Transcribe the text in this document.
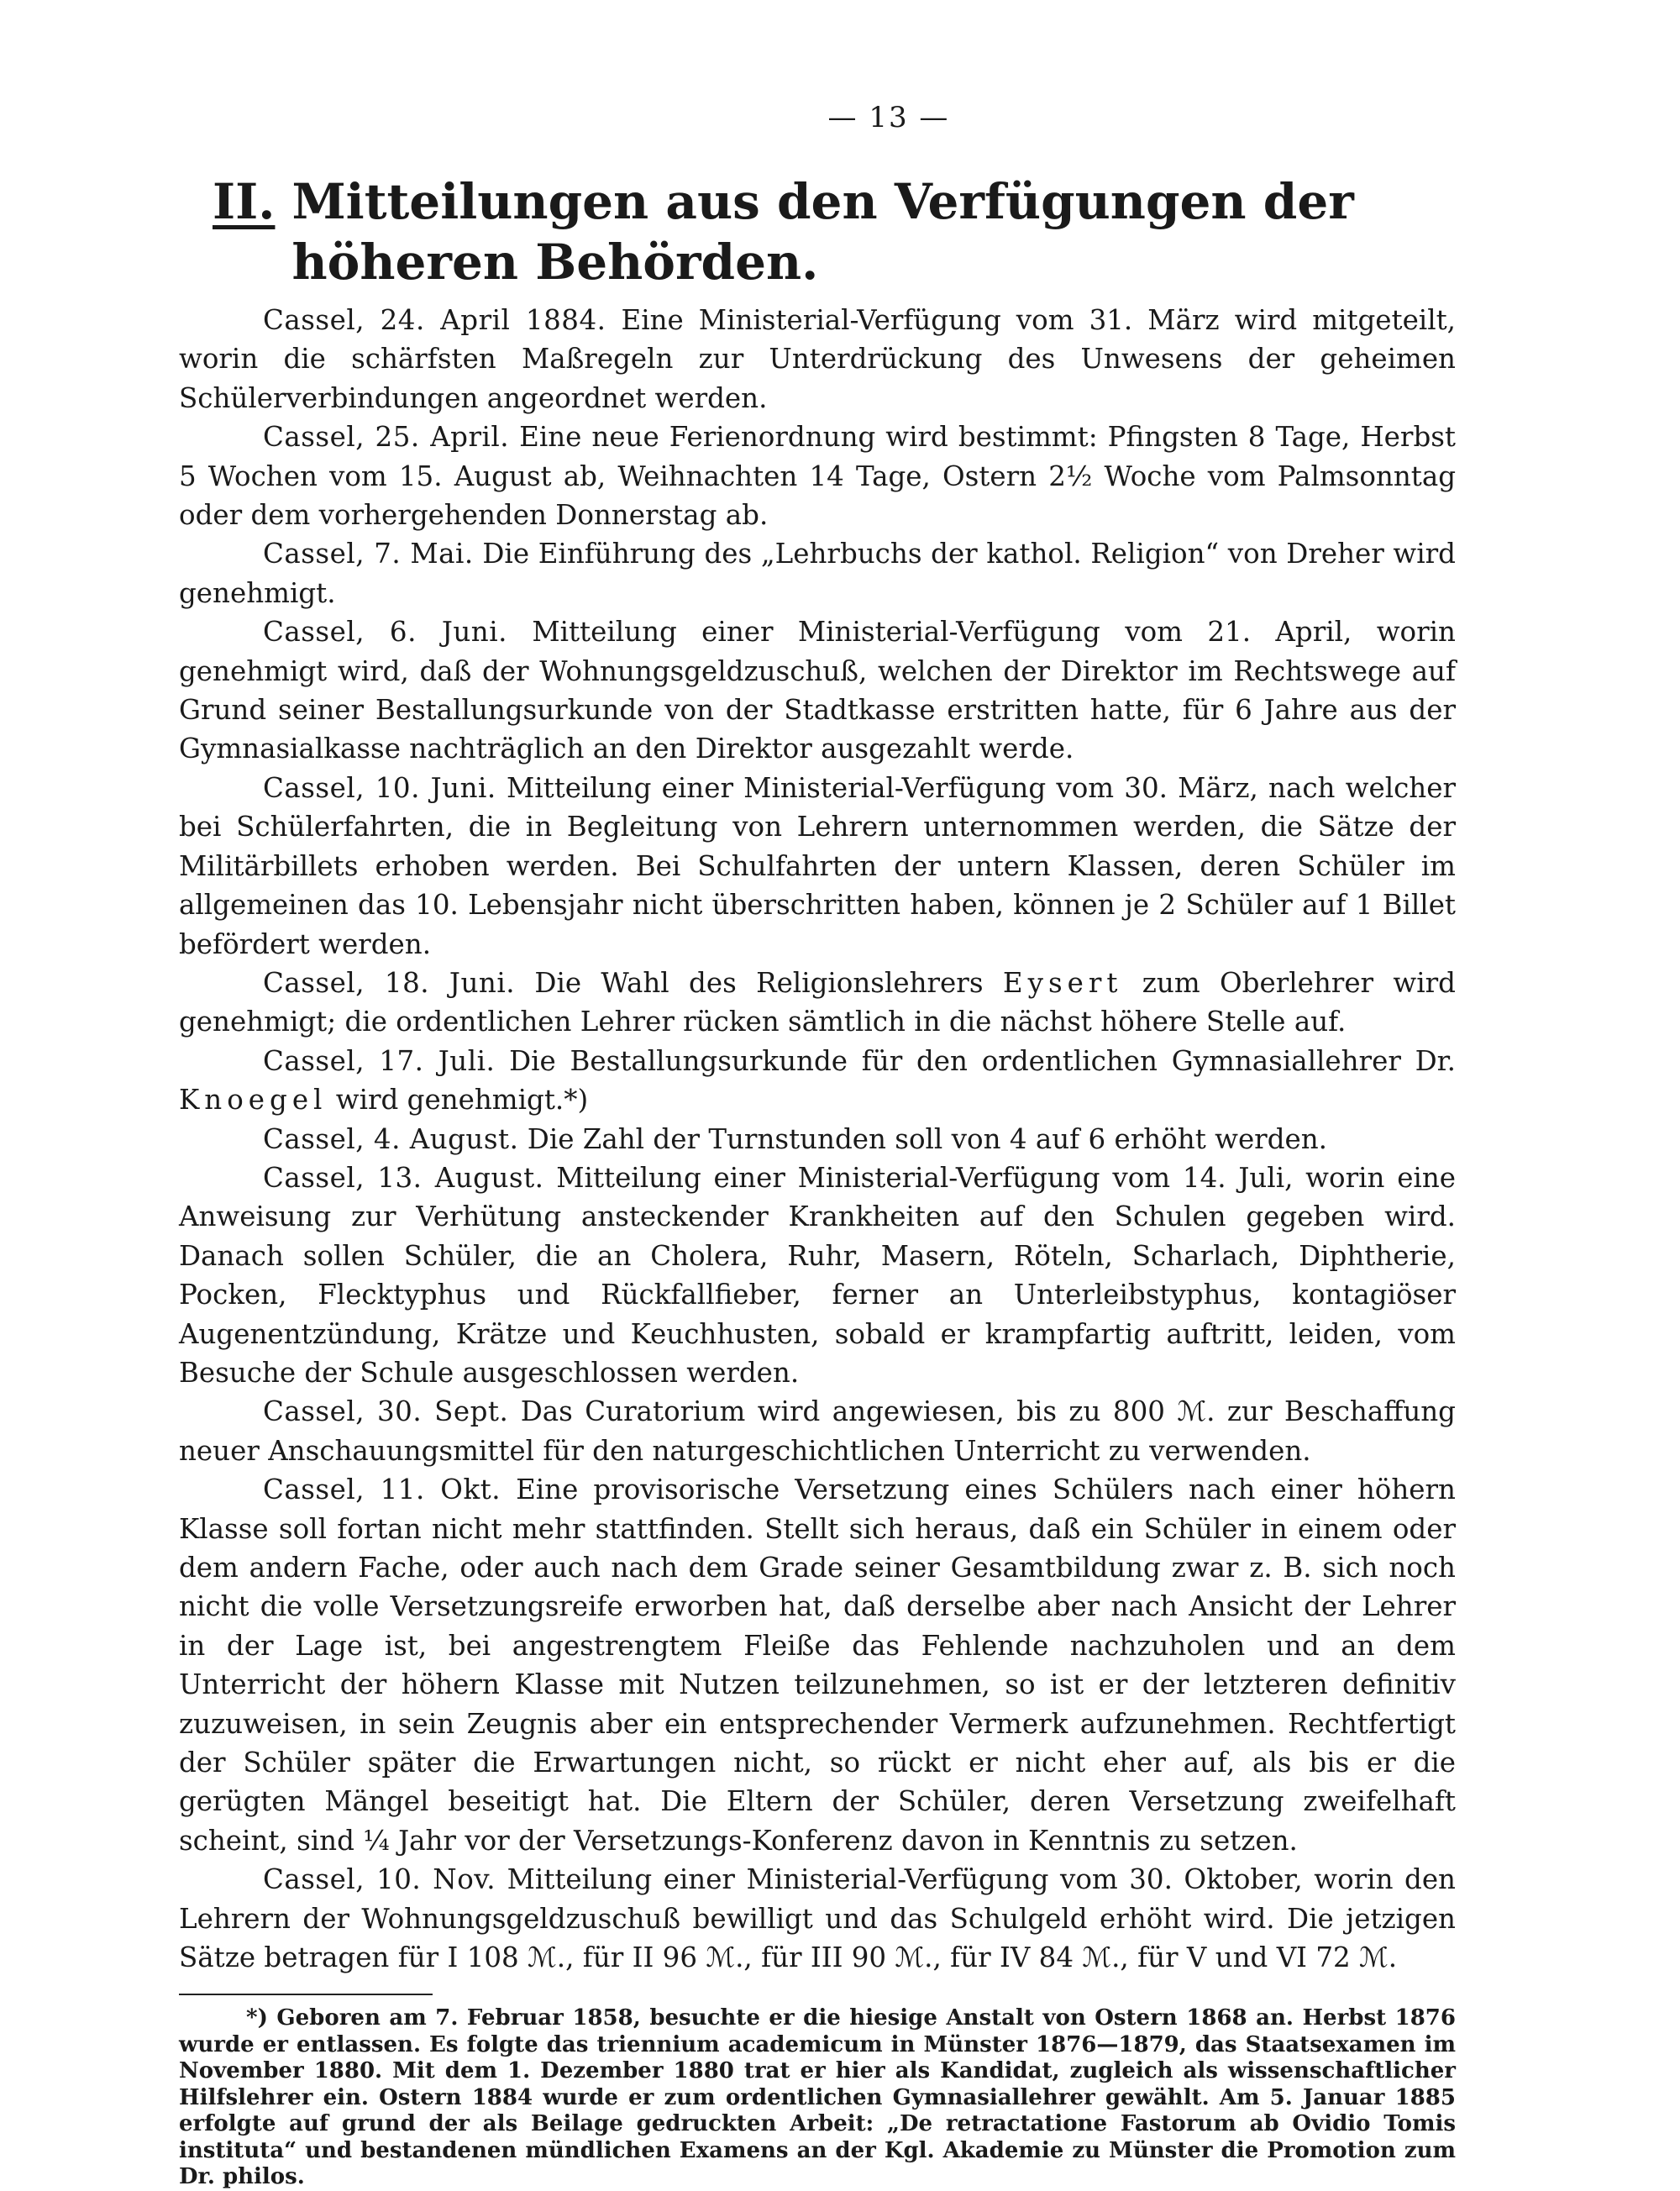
— 13 —
II. Mitteilungen aus den Verfügungen der höheren Behörden.

Cassel, 24. April 1884. Eine Ministerial-Verfügung vom 31. März wird mitgeteilt, worin die schärfsten Maßregeln zur Unterdrückung des Unwesens der geheimen Schülerverbindungen angeordnet werden.

Cassel, 25. April. Eine neue Ferienordnung wird bestimmt: Pfingsten 8 Tage, Herbst 5 Wochen vom 15. August ab, Weihnachten 14 Tage, Ostern 2½ Woche vom Palmsonntag oder dem vorhergehenden Donnerstag ab.

Cassel, 7. Mai. Die Einführung des „Lehrbuchs der kathol. Religion“ von Dreher wird genehmigt.

Cassel, 6. Juni. Mitteilung einer Ministerial-Verfügung vom 21. April, worin genehmigt wird, daß der Wohnungsgeldzuschuß, welchen der Direktor im Rechtswege auf Grund seiner Bestallungsurkunde von der Stadtkasse erstritten hatte, für 6 Jahre aus der Gymnasialkasse nachträglich an den Direktor ausgezahlt werde.

Cassel, 10. Juni. Mitteilung einer Ministerial-Verfügung vom 30. März, nach welcher bei Schülerfahrten, die in Begleitung von Lehrern unternommen werden, die Sätze der Militärbillets erhoben werden. Bei Schulfahrten der untern Klassen, deren Schüler im allgemeinen das 10. Lebensjahr nicht überschritten haben, können je 2 Schüler auf 1 Billet befördert werden.

Cassel, 18. Juni. Die Wahl des Religionslehrers Eysert zum Oberlehrer wird genehmigt; die ordentlichen Lehrer rücken sämtlich in die nächst höhere Stelle auf.

Cassel, 17. Juli. Die Bestallungsurkunde für den ordentlichen Gymnasiallehrer Dr. Knoegel wird genehmigt.*)

Cassel, 4. August. Die Zahl der Turnstunden soll von 4 auf 6 erhöht werden.

Cassel, 13. August. Mitteilung einer Ministerial-Verfügung vom 14. Juli, worin eine Anweisung zur Verhütung ansteckender Krankheiten auf den Schulen gegeben wird. Danach sollen Schüler, die an Cholera, Ruhr, Masern, Röteln, Scharlach, Diphtherie, Pocken, Flecktyphus und Rückfallfieber, ferner an Unterleibstyphus, kontagiöser Augenentzündung, Krätze und Keuchhusten, sobald er krampfartig auftritt, leiden, vom Besuche der Schule ausgeschlossen werden.

Cassel, 30. Sept. Das Curatorium wird angewiesen, bis zu 800 ℳ. zur Beschaffung neuer Anschauungsmittel für den naturgeschichtlichen Unterricht zu verwenden.

Cassel, 11. Okt. Eine provisorische Versetzung eines Schülers nach einer höhern Klasse soll fortan nicht mehr stattfinden. Stellt sich heraus, daß ein Schüler in einem oder dem andern Fache, oder auch nach dem Grade seiner Gesamtbildung zwar z. B. sich noch nicht die volle Versetzungsreife erworben hat, daß derselbe aber nach Ansicht der Lehrer in der Lage ist, bei angestrengtem Fleiße das Fehlende nachzuholen und an dem Unterricht der höhern Klasse mit Nutzen teilzunehmen, so ist er der letzteren definitiv zuzuweisen, in sein Zeugnis aber ein entsprechender Vermerk aufzunehmen. Rechtfertigt der Schüler später die Erwartungen nicht, so rückt er nicht eher auf, als bis er die gerügten Mängel beseitigt hat. Die Eltern der Schüler, deren Versetzung zweifelhaft scheint, sind ¼ Jahr vor der Versetzungs-Konferenz davon in Kenntnis zu setzen.

Cassel, 10. Nov. Mitteilung einer Ministerial-Verfügung vom 30. Oktober, worin den Lehrern der Wohnungsgeldzuschuß bewilligt und das Schulgeld erhöht wird. Die jetzigen Sätze betragen für I 108 ℳ., für II 96 ℳ., für III 90 ℳ., für IV 84 ℳ., für V und VI 72 ℳ.

*) Geboren am 7. Februar 1858, besuchte er die hiesige Anstalt von Ostern 1868 an. Herbst 1876 wurde er entlassen. Es folgte das triennium academicum in Münster 1876—1879, das Staatsexamen im November 1880. Mit dem 1. Dezember 1880 trat er hier als Kandidat, zugleich als wissenschaftlicher Hilfslehrer ein. Ostern 1884 wurde er zum ordentlichen Gymnasiallehrer gewählt. Am 5. Januar 1885 erfolgte auf grund der als Beilage gedruckten Arbeit: „De retractatione Fastorum ab Ovidio Tomis instituta“ und bestandenen mündlichen Examens an der Kgl. Akademie zu Münster die Promotion zum Dr. philos.
